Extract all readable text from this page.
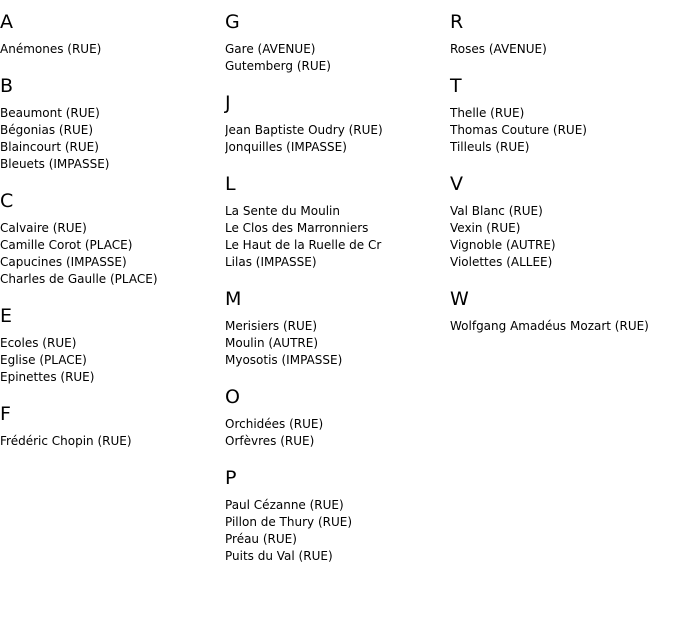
A
Anémones (RUE)
B
Beaumont (RUE)
Bégonias (RUE)
Blaincourt (RUE)
Bleuets (IMPASSE)
C
Calvaire (RUE)
Camille Corot (PLACE)
Capucines (IMPASSE)
Charles de Gaulle (PLACE)
E
Ecoles (RUE)
Eglise (PLACE)
Epinettes (RUE)
F
Frédéric Chopin (RUE)
G
Gare (AVENUE)
Gutemberg (RUE)
J
Jean Baptiste Oudry (RUE)
Jonquilles (IMPASSE)
L
La Sente du Moulin
Le Clos des Marronniers
Le Haut de la Ruelle de Cr
Lilas (IMPASSE)
M
Merisiers (RUE)
Moulin (AUTRE)
Myosotis (IMPASSE)
O
Orchidées (RUE)
Orfèvres (RUE)
P
Paul Cézanne (RUE)
Pillon de Thury (RUE)
Préau (RUE)
Puits du Val (RUE)
R
Roses (AVENUE)
T
Thelle (RUE)
Thomas Couture (RUE)
Tilleuls (RUE)
V
Val Blanc (RUE)
Vexin (RUE)
Vignoble (AUTRE)
Violettes (ALLEE)
W
Wolfgang Amadéus Mozart (RUE)
